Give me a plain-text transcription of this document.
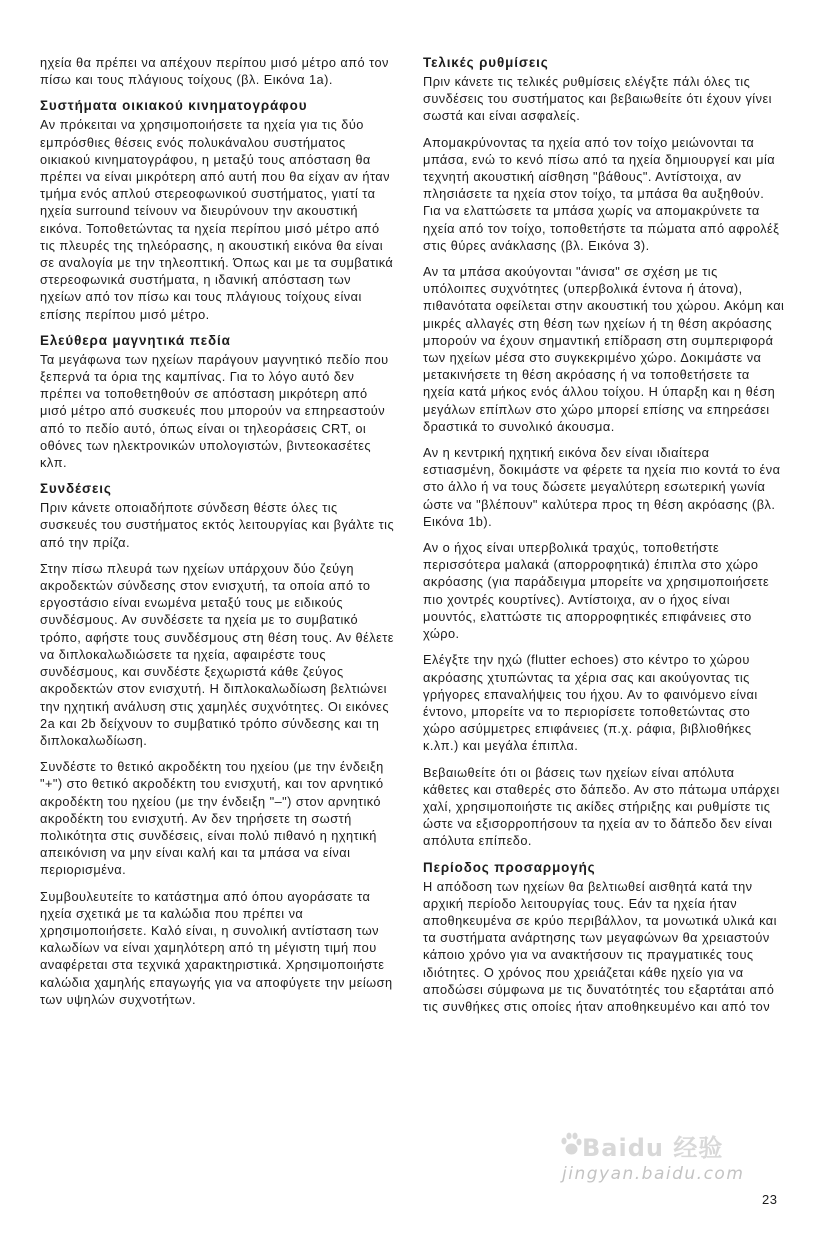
ηχεία θα πρέπει να απέχουν περίπου μισό μέτρο από τον πίσω και τους πλάγιους τοίχους (βλ. Εικόνα 1a).

Συστήματα οικιακού κινηματογράφου

Αν πρόκειται να χρησιμοποιήσετε τα ηχεία για τις δύο εμπρόσθιες θέσεις ενός πολυκάναλου συστήματος οικιακού κινηματογράφου, η μεταξύ τους απόσταση θα πρέπει να είναι μικρότερη από αυτή που θα είχαν αν ήταν τμήμα ενός απλού στερεοφωνικού συστήματος, γιατί τα ηχεία surround τείνουν να διευρύνουν την ακουστική εικόνα. Τοποθετώντας τα ηχεία περίπου μισό μέτρο από τις πλευρές της τηλεόρασης, η ακουστική εικόνα θα είναι σε αναλογία με την τηλεοπτική. Όπως και με τα συμβατικά στερεοφωνικά συστήματα, η ιδανική απόσταση των ηχείων από τον πίσω και τους πλάγιους τοίχους είναι επίσης περίπου μισό μέτρο.

Ελεύθερα μαγνητικά πεδία

Τα μεγάφωνα των ηχείων παράγουν μαγνητικό πεδίο που ξεπερνά τα όρια της καμπίνας. Για το λόγο αυτό δεν πρέπει να τοποθετηθούν σε απόσταση μικρότερη από μισό μέτρο από συσκευές που μπορούν να επηρεαστούν από το πεδίο αυτό, όπως είναι οι τηλεοράσεις CRT, οι οθόνες των ηλεκτρονικών υπολογιστών, βιντεοκασέτες κλπ.

Συνδέσεις

Πριν κάνετε οποιαδήποτε σύνδεση θέστε όλες τις συσκευές του συστήματος εκτός λειτουργίας και βγάλτε τις από την πρίζα.

Στην πίσω πλευρά των ηχείων υπάρχουν δύο ζεύγη ακροδεκτών σύνδεσης στον ενισχυτή, τα οποία από το εργοστάσιο είναι ενωμένα μεταξύ τους με ειδικούς συνδέσμους. Αν συνδέσετε τα ηχεία με το συμβατικό τρόπο, αφήστε τους συνδέσμους στη θέση τους. Αν θέλετε να διπλοκαλωδιώσετε τα ηχεία, αφαιρέστε τους συνδέσμους, και συνδέστε ξεχωριστά κάθε ζεύγος ακροδεκτών στον ενισχυτή. Η διπλοκαλωδίωση βελτιώνει την ηχητική ανάλυση στις χαμηλές συχνότητες. Οι εικόνες 2a και 2b δείχνουν το συμβατικό τρόπο σύνδεσης και τη διπλοκαλωδίωση.

Συνδέστε το θετικό ακροδέκτη του ηχείου (με την ένδειξη "+") στο θετικό ακροδέκτη του ενισχυτή, και τον αρνητικό ακροδέκτη του ηχείου (με την ένδειξη "–") στον αρνητικό ακροδέκτη του ενισχυτή. Αν δεν τηρήσετε τη σωστή πολικότητα στις συνδέσεις, είναι πολύ πιθανό η ηχητική απεικόνιση να μην είναι καλή και τα μπάσα να είναι περιορισμένα.

Συμβουλευτείτε το κατάστημα από όπου αγοράσατε τα ηχεία σχετικά με τα καλώδια που πρέπει να χρησιμοποιήσετε. Καλό είναι, η συνολική αντίσταση των καλωδίων να είναι χαμηλότερη από τη μέγιστη τιμή που αναφέρεται στα τεχνικά χαρακτηριστικά. Χρησιμοποιήστε καλώδια χαμηλής επαγωγής για να αποφύγετε την μείωση των υψηλών συχνοτήτων.

Τελικές ρυθμίσεις

Πριν κάνετε τις τελικές ρυθμίσεις ελέγξτε πάλι όλες τις συνδέσεις του συστήματος και βεβαιωθείτε ότι έχουν γίνει σωστά και είναι ασφαλείς.

Απομακρύνοντας τα ηχεία από τον τοίχο μειώνονται τα μπάσα, ενώ το κενό πίσω από τα ηχεία δημιουργεί και μία τεχνητή ακουστική αίσθηση "βάθους". Αντίστοιχα, αν πλησιάσετε τα ηχεία στον τοίχο, τα μπάσα θα αυξηθούν. Για να ελαττώσετε τα μπάσα χωρίς να απομακρύνετε τα ηχεία από τον τοίχο, τοποθετήστε τα πώματα από αφρολέξ στις θύρες ανάκλασης (βλ. Εικόνα 3).

Αν τα μπάσα ακούγονται "άνισα" σε σχέση με τις υπόλοιπες συχνότητες (υπερβολικά έντονα ή άτονα), πιθανότατα οφείλεται στην ακουστική του χώρου. Ακόμη και μικρές αλλαγές στη θέση των ηχείων ή τη θέση ακρόασης μπορούν να έχουν σημαντική επίδραση στη συμπεριφορά των ηχείων μέσα στο συγκεκριμένο χώρο. Δοκιμάστε να μετακινήσετε τη θέση ακρόασης ή να τοποθετήσετε τα ηχεία κατά μήκος ενός άλλου τοίχου. Η ύπαρξη και η θέση μεγάλων επίπλων στο χώρο μπορεί επίσης να επηρεάσει δραστικά το συνολικό άκουσμα.

Αν η κεντρική ηχητική εικόνα δεν είναι ιδιαίτερα εστιασμένη, δοκιμάστε να φέρετε τα ηχεία πιο κοντά το ένα στο άλλο ή να τους δώσετε μεγαλύτερη εσωτερική γωνία ώστε να "βλέπουν" καλύτερα προς τη θέση ακρόασης (βλ. Εικόνα 1b).

Αν ο ήχος είναι υπερβολικά τραχύς, τοποθετήστε περισσότερα μαλακά (απορροφητικά) έπιπλα στο χώρο ακρόασης (για παράδειγμα μπορείτε να χρησιμοποιήσετε πιο χοντρές κουρτίνες). Αντίστοιχα, αν ο ήχος είναι μουντός, ελαττώστε τις απορροφητικές επιφάνειες στο χώρο.

Ελέγξτε την ηχώ (flutter echoes) στο κέντρο το χώρου ακρόασης χτυπώντας τα χέρια σας και ακούγοντας τις γρήγορες επαναλήψεις του ήχου. Αν το φαινόμενο είναι έντονο, μπορείτε να το περιορίσετε τοποθετώντας στο χώρο ασύμμετρες επιφάνειες (π.χ. ράφια, βιβλιοθήκες κ.λπ.) και μεγάλα έπιπλα.

Βεβαιωθείτε ότι οι βάσεις των ηχείων είναι απόλυτα κάθετες και σταθερές στο δάπεδο. Αν στο πάτωμα υπάρχει χαλί, χρησιμοποιήστε τις ακίδες στήριξης και ρυθμίστε τις ώστε να εξισορροπήσουν τα ηχεία αν το δάπεδο δεν είναι απόλυτα επίπεδο.

Περίοδος προσαρμογής

Η απόδοση των ηχείων θα βελτιωθεί αισθητά κατά την αρχική περίοδο λειτουργίας τους. Εάν τα ηχεία ήταν αποθηκευμένα σε κρύο περιβάλλον, τα μονωτικά υλικά και τα συστήματα ανάρτησης των μεγαφώνων θα χρειαστούν κάποιο χρόνο για να ανακτήσουν τις πραγματικές τους ιδιότητες. Ο χρόνος που χρειάζεται κάθε ηχείο για να αποδώσει σύμφωνα με τις δυνατότητές του εξαρτάται από τις συνθήκες στις οποίες ήταν αποθηκευμένο και από τον

Baidu 经验
jingyan.baidu.com
23
